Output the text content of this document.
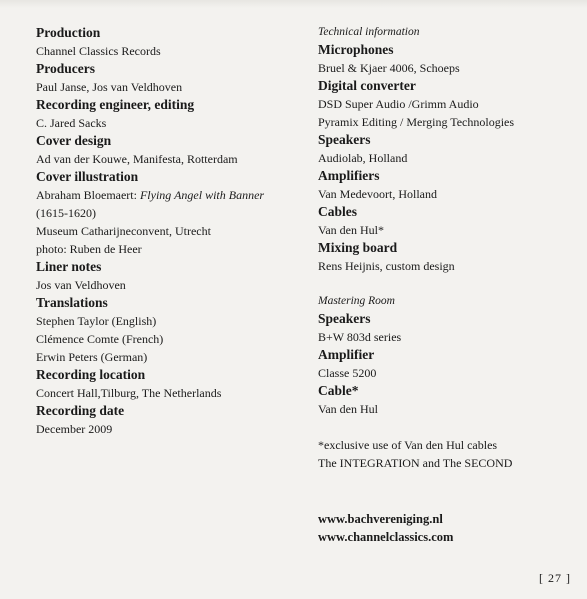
Production
Channel Classics Records
Producers
Paul Janse, Jos van Veldhoven
Recording engineer, editing
C. Jared Sacks
Cover design
Ad van der Kouwe, Manifesta, Rotterdam
Cover illustration
Abraham Bloemaert: Flying Angel with Banner
(1615-1620)
Museum Catharijneconvent, Utrecht
photo: Ruben de Heer
Liner notes
Jos van Veldhoven
Translations
Stephen Taylor (English)
Clémence Comte (French)
Erwin Peters (German)
Recording location
Concert Hall,Tilburg, The Netherlands
Recording date
December 2009
Technical information
Microphones
Bruel & Kjaer 4006, Schoeps
Digital converter
DSD Super Audio /Grimm Audio
Pyramix Editing / Merging Technologies
Speakers
Audiolab, Holland
Amplifiers
Van Medevoort, Holland
Cables
Van den Hul*
Mixing board
Rens Heijnis, custom design
Mastering Room
Speakers
B+W 803d series
Amplifier
Classe 5200
Cable*
Van den Hul
*exclusive use of Van den Hul cables
The INTEGRATION and The SECOND
www.bachvereniging.nl
www.channelclassics.com
[ 27 ]
